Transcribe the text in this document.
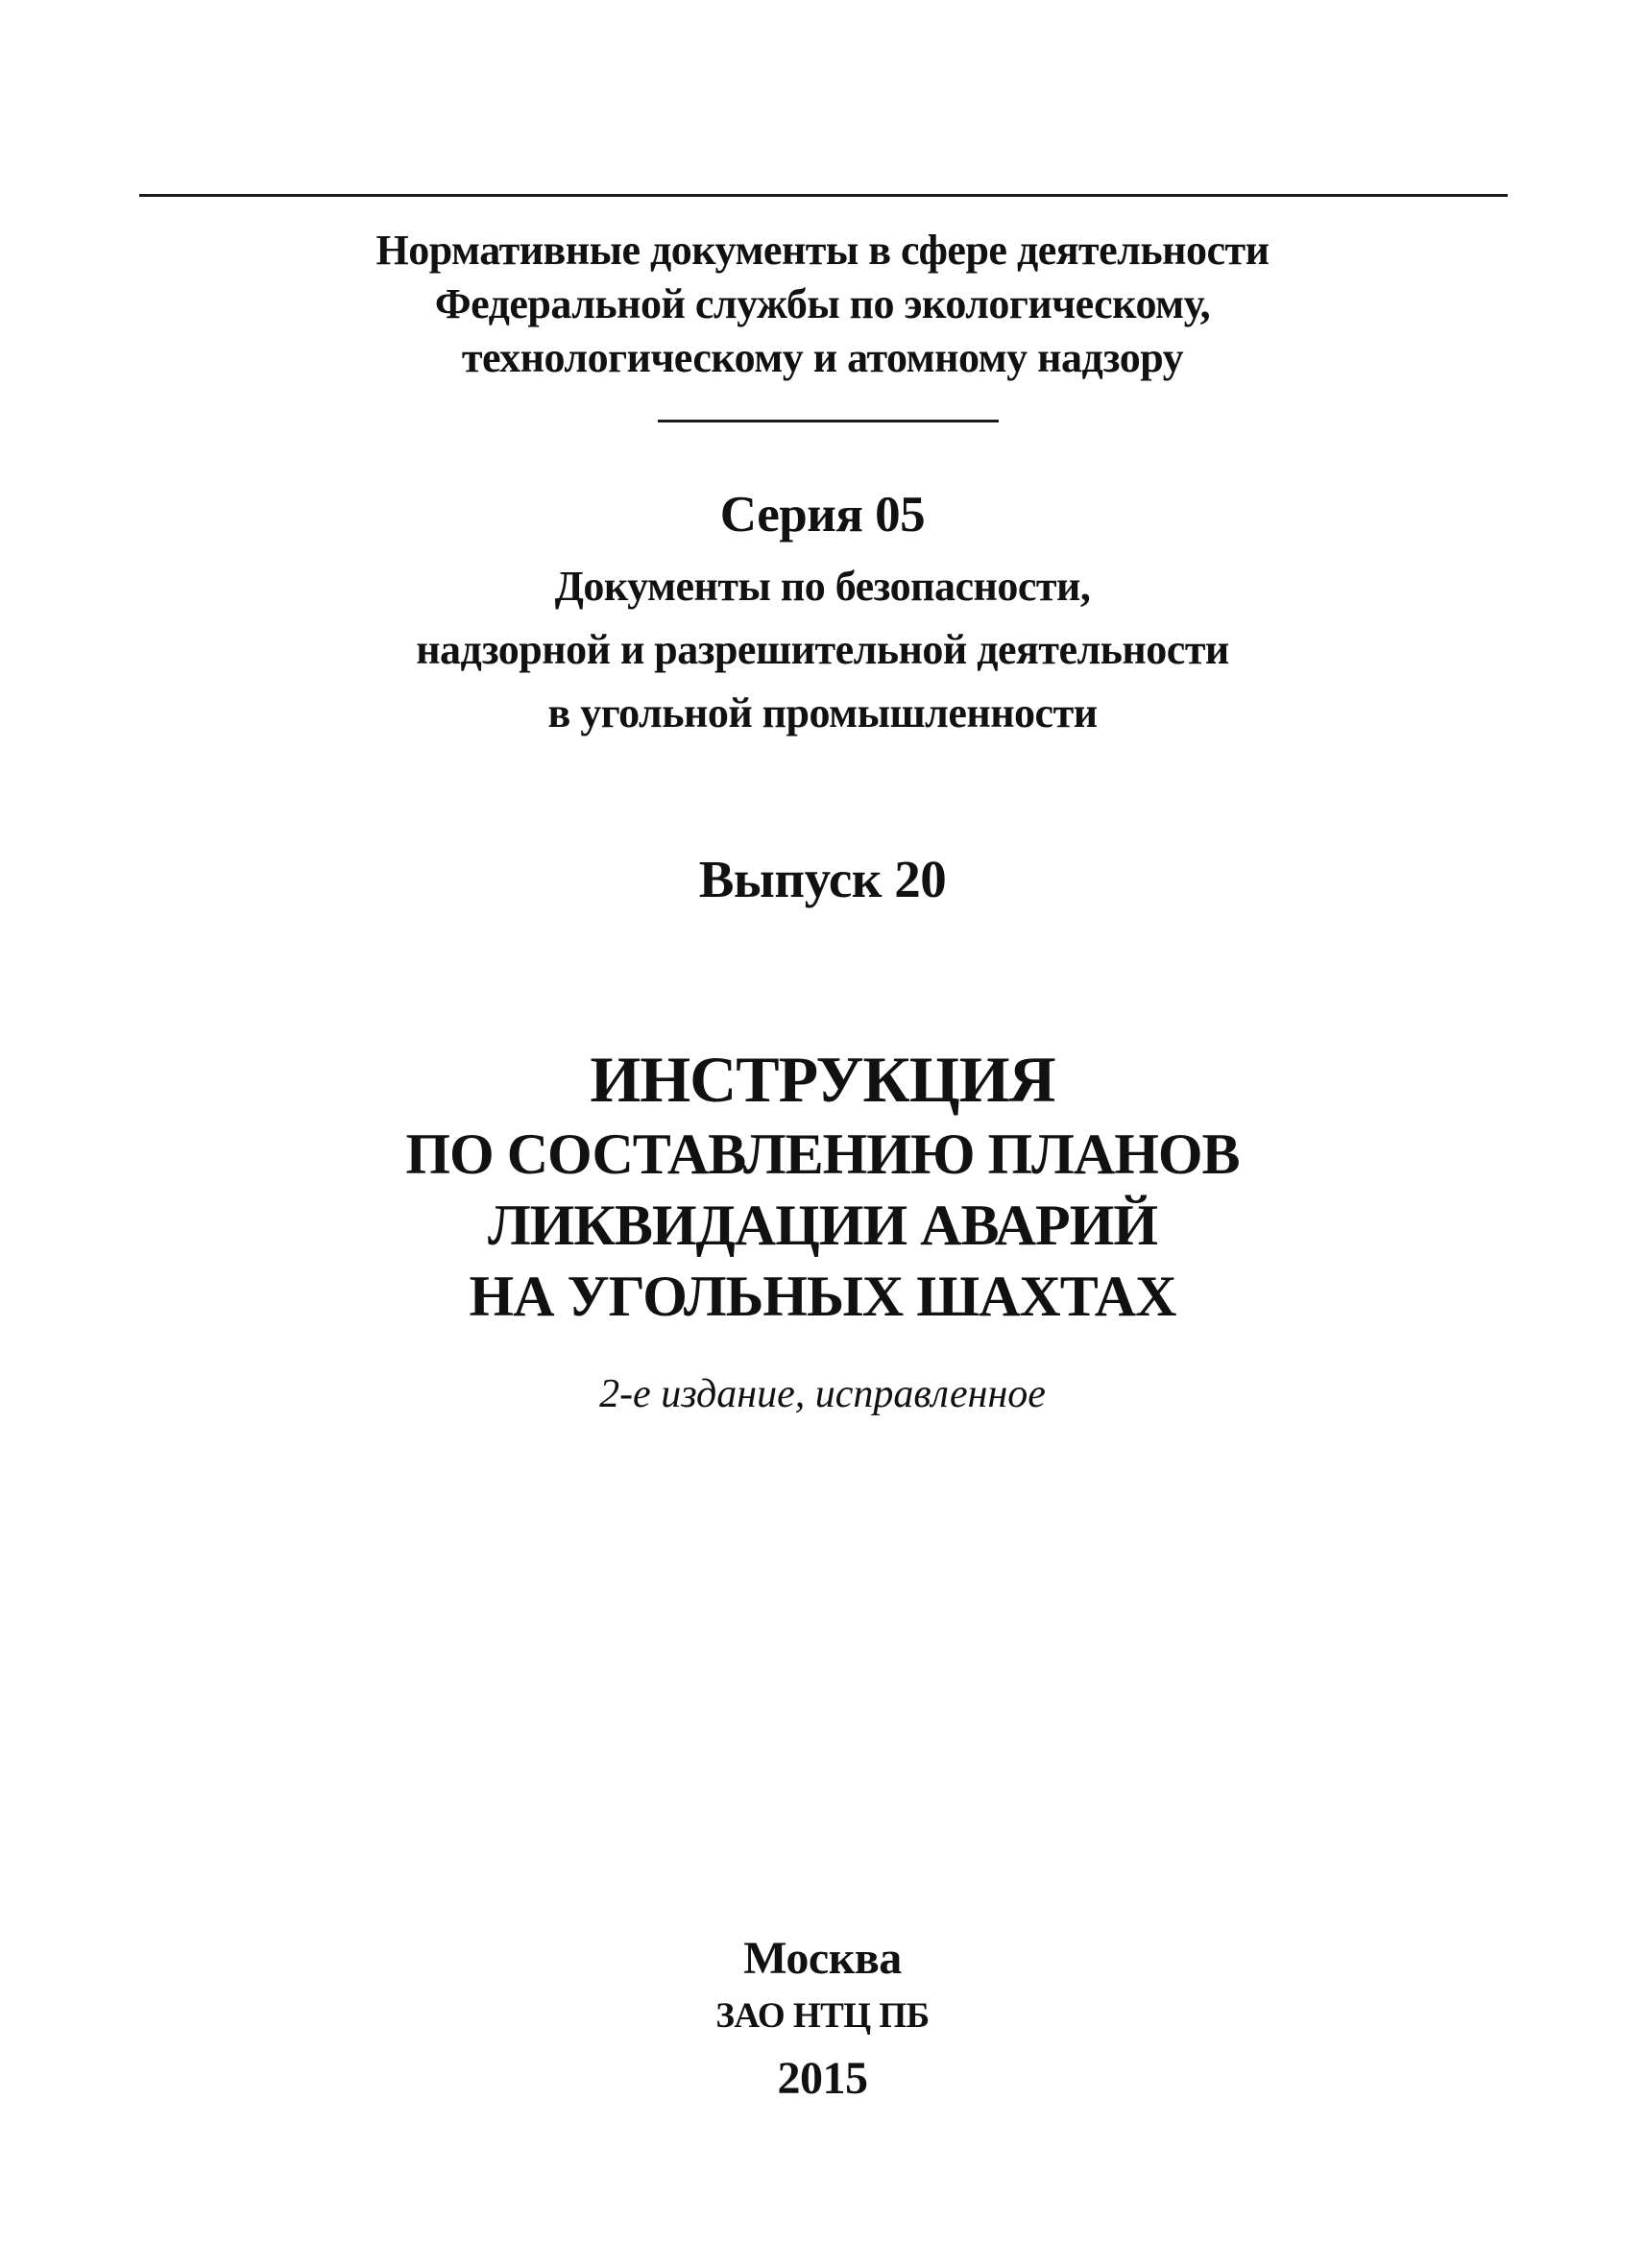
Нормативные документы в сфере деятельности
Федеральной службы по экологическому,
технологическому и атомному надзору
Серия 05
Документы по безопасности,
надзорной и разрешительной деятельности
в угольной промышленности
Выпуск 20
ИНСТРУКЦИЯ
ПО СОСТАВЛЕНИЮ ПЛАНОВ
ЛИКВИДАЦИИ АВАРИЙ
НА УГОЛЬНЫХ ШАХТАХ
2-е издание, исправленное
Москва
ЗАО НТЦ ПБ
2015
